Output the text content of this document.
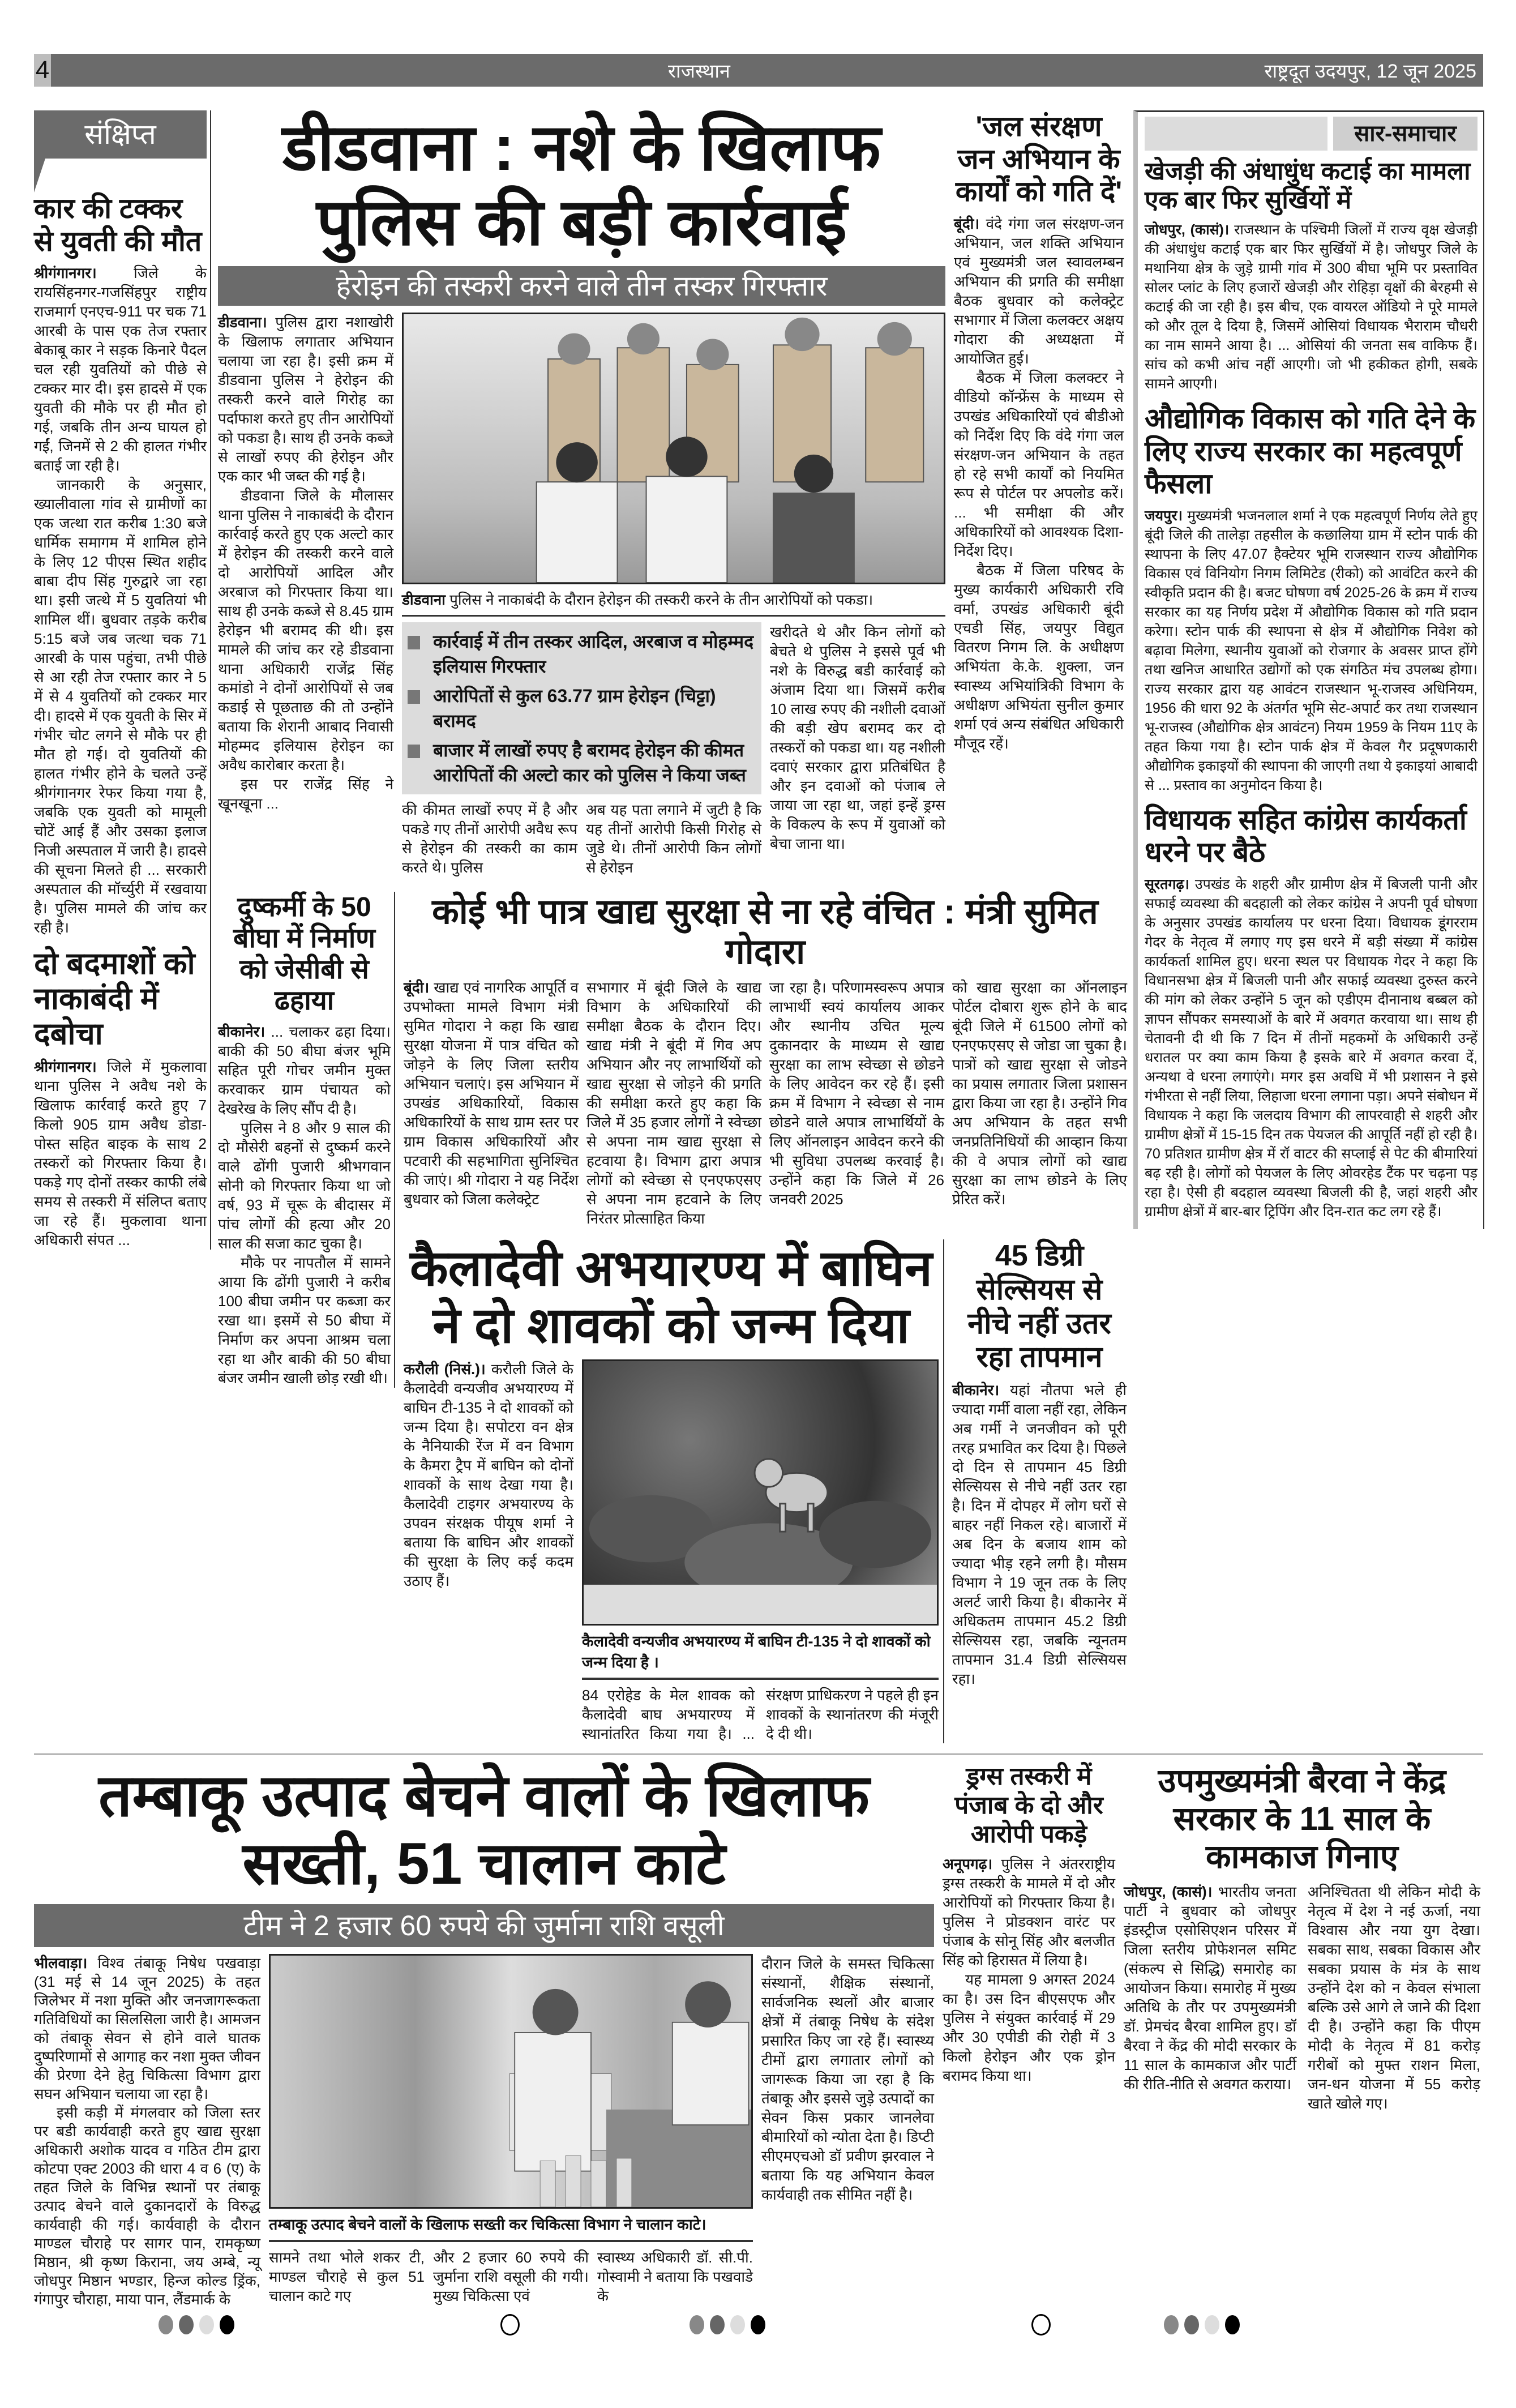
4	राजस्थान	राष्ट्रदूत उदयपुर, 12 जून 2025
संक्षिप्त
कार की टक्कर से युवती की मौत

श्रीगंगानगर।	जिले के रायसिंहनगर-गजसिंहपुर राष्ट्रीय राजमार्ग एनएच-911 पर चक 71 आरबी के पास एक तेज रफ्तार बेकाबू कार ने सड़क किनारे पैदल चल रही युवतियों को पीछे से टक्कर मार दी। इस हादसे में एक युवती की मौके पर ही मौत हो गई, जबकि तीन अन्य घायल हो गईं, जिनमें से 2 की हालत गंभीर बताई जा रही है।

जानकारी के अनुसार, ख्यालीवाला गांव से ग्रामीणों का एक जत्था रात करीब 1:30 बजे धार्मिक समागम में शामिल होने के लिए 12 पीएस स्थित शहीद बाबा दीप सिंह गुरुद्वारे जा रहा था। इसी जत्थे में 5 युवतियां भी शामिल थीं। बुधवार तड़के करीब 5:15 बजे जब जत्था चक 71 आरबी के पास पहुंचा, तभी पीछे से आ रही तेज रफ्तार कार ने 5 में से 4 युवतियों को टक्कर मार दी। हादसे में एक युवती के सिर में गंभीर चोट लगने से मौके पर ही मौत हो गई। दो युवतियों की हालत गंभीर होने के चलते उन्हें श्रीगंगानगर रेफर किया गया है, जबकि एक युवती को मामूली चोटें आई हैं और उसका इलाज निजी अस्पताल में जारी है। हादसे की सूचना मिलते ही ... सरकारी अस्पताल की मॉर्च्युरी में रखवाया है। पुलिस मामले की जांच कर रही है।

दो बदमाशों को नाकाबंदी में दबोचा

श्रीगंगानगर। जिले में मुकलावा थाना पुलिस ने अवैध नशे के खिलाफ कार्रवाई करते हुए 7 किलो 905 ग्राम अवैध डोडा-पोस्त सहित बाइक के साथ 2 तस्करों को गिरफ्तार किया है। पकड़े गए दोनों तस्कर काफी लंबे समय से तस्करी में संलिप्त बताए जा रहे हैं। मुकलावा थाना अधिकारी संपत ...

डीडवाना : नशे के खिलाफ पुलिस की बड़ी कार्रवाई
हेरोइन की तस्करी करने वाले तीन तस्कर गिरफ्तार

डीडवाना। पुलिस द्वारा नशाखोरी के खिलाफ लगातार अभियान चलाया जा रहा है। इसी क्रम में डीडवाना पुलिस ने हेरोइन की तस्करी करने वाले गिरोह का पर्दाफाश करते हुए तीन आरोपियों को पकडा है। साथ ही उनके कब्जे से लाखों रुपए की हेरोइन और एक कार भी जब्त की गई है।

डीडवाना जिले के मौलासर थाना पुलिस ने नाकाबंदी के दौरान कार्रवाई करते हुए एक अल्टो कार में हेरोइन की तस्करी करने वाले दो आरोपियों आदिल और अरबाज को गिरफ्तार किया था। साथ ही उनके कब्जे से 8.45 ग्राम हेरोइन भी बरामद की थी। इस मामले की जांच कर रहे डीडवाना थाना अधिकारी राजेंद्र सिंह कमांडो ने दोनों आरोपियों से जब कडाई से पूछताछ की तो उन्होंने बताया कि शेरानी आबाद निवासी मोहम्मद इलियास हेरोइन का अवैध कारोबार करता है।

इस पर राजेंद्र सिंह ने खूनखूना ...

डीडवाना पुलिस ने नाकाबंदी के दौरान हेरोइन की तस्करी करने के तीन आरोपियों को पकडा।
कार्रवाई में तीन तस्कर आदिल, अरबाज व मोहम्मद इलियास गिरफ्तार
आरोपितों से कुल 63.77 ग्राम हेरोइन (चिट्टा) बरामद
बाजार में लाखों रुपए है बरामद हेरोइन की कीमत आरोपितों की अल्टो कार को पुलिस ने किया जब्त
की कीमत लाखों रुपए में है और पकडे गए तीनों आरोपी अवैध रूप से हेरोइन की तस्करी का काम करते थे। पुलिस
अब यह पता लगाने में जुटी है कि यह तीनों आरोपी किसी गिरोह से जुडे थे। तीनों आरोपी किन लोगों से हेरोइन
खरीदते थे और किन लोगों को बेचते थे पुलिस ने इससे पूर्व भी नशे के विरुद्ध बडी कार्रवाई को अंजाम दिया था। जिसमें करीब 10 लाख रुपए की नशीली दवाओं की बड़ी खेप बरामद कर दो तस्करों को पकडा था। यह नशीली दवाएं सरकार द्वारा प्रतिबंधित है और इन दवाओं को पंजाब ले जाया जा रहा था, जहां इन्हें ड्रग्स के विकल्प के रूप में युवाओं को बेचा जाना था।
'जल संरक्षण जन अभियान के कार्यों को गति दें'

बूंदी। वंदे गंगा जल संरक्षण-जन अभियान, जल शक्ति अभियान एवं मुख्यमंत्री जल स्वावलम्बन अभियान की प्रगति की समीक्षा बैठक बुधवार को कलेक्ट्रेट सभागार में जिला कलक्टर अक्षय गोदारा की अध्यक्षता में आयोजित हुई।

बैठक में जिला कलक्टर ने वीडियो कॉन्फ्रेंस के माध्यम से उपखंड अधिकारियों एवं बीडीओ को निर्देश दिए कि वंदे गंगा जल संरक्षण-जन अभियान के तहत हो रहे सभी कार्यों को नियमित रूप से पोर्टल पर अपलोड करें। ... भी समीक्षा की और अधिकारियों को आवश्यक दिशा-निर्देश दिए।

बैठक में जिला परिषद के मुख्य कार्यकारी अधिकारी रवि वर्मा, उपखंड अधिकारी बूंदी एचडी सिंह, जयपुर विद्युत वितरण निगम लि. के अधीक्षण अभियंता के.के. शुक्ला, जन स्वास्थ्य अभियांत्रिकी विभाग के अधीक्षण अभियंता सुनील कुमार शर्मा एवं अन्य संबंधित अधिकारी मौजूद रहें।

दुष्कर्मी के 50 बीघा में निर्माण को जेसीबी से ढहाया

बीकानेर। ... चलाकर ढहा दिया। बाकी की 50 बीघा बंजर भूमि सहित पूरी गोचर जमीन मुक्त करवाकर ग्राम पंचायत को देखरेख के लिए सौंप दी है।

पुलिस ने 8 और 9 साल की दो मौसेरी बहनों से दुष्कर्म करने वाले ढोंगी पुजारी श्रीभगवान सोनी को गिरफ्तार किया था जो वर्ष, 93 में चूरू के बीदासर में पांच लोगों की हत्या और 20 साल की सजा काट चुका है।

मौके पर नापतौल में सामने आया कि ढोंगी पुजारी ने करीब 100 बीघा जमीन पर कब्जा कर रखा था। इसमें से 50 बीघा में निर्माण कर अपना आश्रम चला रहा था और बाकी की 50 बीघा बंजर जमीन खाली छोड़ रखी थी।

कोई भी पात्र खाद्य सुरक्षा से ना रहे वंचित : मंत्री सुमित गोदारा

बूंदी। खाद्य एवं नागरिक आपूर्ति व उपभोक्ता मामले विभाग मंत्री सुमित गोदारा ने कहा कि खाद्य सुरक्षा योजना में पात्र वंचित को जोड़ने के लिए जिला स्तरीय अभियान चलाएं। इस अभियान में उपखंड अधिकारियों, विकास अधिकारियों के साथ ग्राम स्तर पर ग्राम विकास अधिकारियों और पटवारी की सहभागिता सुनिश्चित की जाएं। श्री गोदारा ने यह निर्देश बुधवार को जिला कलेक्ट्रेट

सभागार में बूंदी जिले के खाद्य विभाग के अधिकारियों की समीक्षा बैठक के दौरान दिए। खाद्य मंत्री ने बूंदी में गिव अप अभियान और नए लाभार्थियों को खाद्य सुरक्षा से जोड़ने की प्रगति की समीक्षा करते हुए कहा कि जिले में 35 हजार लोगों ने स्वेच्छा से अपना नाम खाद्य सुरक्षा से हटवाया है। विभाग द्वारा अपात्र लोगों को स्वेच्छा से एनएफएसए से अपना नाम हटवाने के लिए निरंतर प्रोत्साहित किया
जा रहा है। परिणामस्वरूप अपात्र लाभार्थी स्वयं कार्यालय आकर और स्थानीय उचित मूल्य दुकानदार के माध्यम से खाद्य सुरक्षा का लाभ स्वेच्छा से छोडने के लिए आवेदन कर रहे हैं। इसी क्रम में विभाग ने स्वेच्छा से नाम छोडने वाले अपात्र लाभार्थियों के लिए ऑनलाइन आवेदन करने की भी सुविधा उपलब्ध करवाई है। उन्होंने कहा कि जिले में 26 जनवरी 2025
को खाद्य सुरक्षा का ऑनलाइन पोर्टल दोबारा शुरू होने के बाद बूंदी जिले में 61500 लोगों को एनएफएसए से जोडा जा चुका है। पात्रों को खाद्य सुरक्षा से जोडने का प्रयास लगातार जिला प्रशासन द्वारा किया जा रहा है। उन्होंने गिव अप अभियान के तहत सभी जनप्रतिनिधियों की आव्हान किया की वे अपात्र लोगों को खाद्य सुरक्षा का लाभ छोडने के लिए प्रेरित करें।
कैलादेवी अभयारण्य में बाघिन ने दो शावकों को जन्म दिया

करौली (निसं.)। करौली जिले के कैलादेवी वन्यजीव अभयारण्य में बाघिन टी-135 ने दो शावकों को जन्म दिया है। सपोटरा वन क्षेत्र के नैनियाकी रेंज में वन विभाग के कैमरा ट्रैप में बाघिन को दोनों शावकों के साथ देखा गया है। कैलादेवी टाइगर अभयारण्य के उपवन संरक्षक पीयूष शर्मा ने बताया कि बाघिन और शावकों की सुरक्षा के लिए कई कदम उठाए हैं।

कैलादेवी वन्यजीव अभयारण्य में बाघिन टी-135 ने दो शावकों को जन्म दिया है ।
84 एरोहेड के मेल शावक को कैलादेवी बाघ अभयारण्य में स्थानांतरित किया गया है। ... संरक्षण प्राधिकरण ने पहले ही इन शावकों के स्थानांतरण की मंजूरी दे दी थी।
45 डिग्री सेल्सियस से नीचे नहीं उतर रहा तापमान

बीकानेर। यहां नौतपा भले ही ज्यादा गर्मी वाला नहीं रहा, लेकिन अब गर्मी ने जनजीवन को पूरी तरह प्रभावित कर दिया है। पिछले दो दिन से तापमान 45 डिग्री सेल्सियस से नीचे नहीं उतर रहा है। दिन में दोपहर में लोग घरों से बाहर नहीं निकल रहे। बाजारों में अब दिन के बजाय शाम को ज्यादा भीड़ रहने लगी है। मौसम विभाग ने 19 जून तक के लिए अलर्ट जारी किया है। बीकानेर में अधिकतम तापमान 45.2 डिग्री सेल्सियस रहा, जबकि न्यूनतम तापमान 31.4 डिग्री सेल्सियस रहा।

सार-समाचार
खेजड़ी की अंधाधुंध कटाई का मामला एक बार फिर सुर्खियों में

जोधपुर, (कासं)। राजस्थान के पश्चिमी जिलों में राज्य वृक्ष खेजड़ी की अंधाधुंध कटाई एक बार फिर सुर्खियों में है। जोधपुर जिले के मथानिया क्षेत्र के जुड़े ग्रामी गांव में 300 बीघा भूमि पर प्रस्तावित सोलर प्लांट के लिए हजारों खेजड़ी और रोहिड़ा वृक्षों की बेरहमी से कटाई की जा रही है। इस बीच, एक वायरल ऑडियो ने पूरे मामले को और तूल दे दिया है, जिसमें ओसियां विधायक भैराराम चौधरी का नाम सामने आया है। ... ओसियां की जनता सब वाकिफ हैं। सांच को कभी आंच नहीं आएगी। जो भी हकीकत होगी, सबके सामने आएगी।

औद्योगिक विकास को गति देने के लिए राज्य सरकार का महत्वपूर्ण फैसला

जयपुर। मुख्यमंत्री भजनलाल शर्मा ने एक महत्वपूर्ण निर्णय लेते हुए बूंदी जिले की तालेड़ा तहसील के कछालिया ग्राम में स्टोन पार्क की स्थापना के लिए 47.07 हैक्टेयर भूमि राजस्थान राज्य औद्योगिक विकास एवं विनियोग निगम लिमिटेड (रीको) को आवंटित करने की स्वीकृति प्रदान की है। बजट घोषणा वर्ष 2025-26 के क्रम में राज्य सरकार का यह निर्णय प्रदेश में औद्योगिक विकास को गति प्रदान करेगा। स्टोन पार्क की स्थापना से क्षेत्र में औद्योगिक निवेश को बढ़ावा मिलेगा, स्थानीय युवाओं को रोजगार के अवसर प्राप्त होंगे तथा खनिज आधारित उद्योगों को एक संगठित मंच उपलब्ध होगा। राज्य सरकार द्वारा यह आवंटन राजस्थान भू-राजस्व अधिनियम, 1956 की धारा 92 के अंतर्गत भूमि सेट-अपार्ट कर तथा राजस्थान भू-राजस्व (औद्योगिक क्षेत्र आवंटन) नियम 1959 के नियम 11ए के तहत किया गया है। स्टोन पार्क क्षेत्र में केवल गैर प्रदूषणकारी औद्योगिक इकाइयों की स्थापना की जाएगी तथा ये इकाइयां आबादी से ... प्रस्ताव का अनुमोदन किया है।

विधायक सहित कांग्रेस कार्यकर्ता धरने पर बैठे

सूरतगढ़। उपखंड के शहरी और ग्रामीण क्षेत्र में बिजली पानी और सफाई व्यवस्था की बदहाली को लेकर कांग्रेस ने अपनी पूर्व घोषणा के अनुसार उपखंड कार्यालय पर धरना दिया। विधायक डूंगरराम गेदर के नेतृत्व में लगाए गए इस धरने में बड़ी संख्या में कांग्रेस कार्यकर्ता शामिल हुए। धरना स्थल पर विधायक गेदर ने कहा कि विधानसभा क्षेत्र में बिजली पानी और सफाई व्यवस्था दुरुस्त करने की मांग को लेकर उन्होंने 5 जून को एडीएम दीनानाथ बब्बल को ज्ञापन सौंपकर समस्याओं के बारे में अवगत करवाया था। साथ ही चेतावनी दी थी कि 7 दिन में तीनों महकमों के अधिकारी उन्हें धरातल पर क्या काम किया है इसके बारे में अवगत करवा दें, अन्यथा वे धरना लगाएंगे। मगर इस अवधि में भी प्रशासन ने इसे गंभीरता से नहीं लिया, लिहाजा धरना लगाना पड़ा। अपने संबोधन में विधायक ने कहा कि जलदाय विभाग की लापरवाही से शहरी और ग्रामीण क्षेत्रों में 15-15 दिन तक पेयजल की आपूर्ति नहीं हो रही है। 70 प्रतिशत ग्रामीण क्षेत्र में रॉ वाटर की सप्लाई से पेट की बीमारियां बढ़ रही है। लोगों को पेयजल के लिए ओवरहेड टैंक पर चढ़ना पड़ रहा है। ऐसी ही बदहाल व्यवस्था बिजली की है, जहां शहरी और ग्रामीण क्षेत्रों में बार-बार ट्रिपिंग और दिन-रात कट लग रहे हैं।

तम्बाकू उत्पाद बेचने वालों के खिलाफ सख्ती, 51 चालान काटे
टीम ने 2 हजार 60 रुपये की जुर्माना राशि वसूली

भीलवाड़ा। विश्व तंबाकू निषेध पखवाड़ा (31 मई से 14 जून 2025) के तहत जिलेभर में नशा मुक्ति और जनजागरूकता गतिविधियों का सिलसिला जारी है। आमजन को तंबाकू सेवन से होने वाले घातक दुष्परिणामों से आगाह कर नशा मुक्त जीवन की प्रेरणा देने हेतु चिकित्सा विभाग द्वारा सघन अभियान चलाया जा रहा है।

इसी कड़ी में मंगलवार को जिला स्तर पर बडी कार्यवाही करते हुए खाद्य सुरक्षा अधिकारी अशोक यादव व गठित टीम द्वारा कोटपा एक्ट 2003 की धारा 4 व 6 (ए) के तहत जिले के विभिन्न स्थानों पर तंबाकू उत्पाद बेचने वाले दुकानदारों के विरुद्ध कार्यवाही की गई। कार्यवाही के दौरान माण्डल चौराहे पर सागर पान, रामकृष्ण मिष्ठान, श्री कृष्ण किराना, जय अम्बे, न्यू जोधपुर मिष्ठान भण्डार, हिन्ज कोल्ड ड्रिंक, गंगापुर चौराहा, माया पान, लैंडमार्क के

तम्बाकू उत्पाद बेचने वालों के खिलाफ सख्ती कर चिकित्सा विभाग ने चालान काटे।
सामने तथा भोले शकर टी, माण्डल चौराहे से कुल 51 चालान काटे गए
और 2 हजार 60 रुपये की जुर्माना राशि वसूली की गयी। मुख्य चिकित्सा एवं
स्वास्थ्य अधिकारी डॉ. सी.पी. गोस्वामी ने बताया कि पखवाडे के
दौरान जिले के समस्त चिकित्सा संस्थानों, शैक्षिक संस्थानों, सार्वजनिक स्थलों और बाजार क्षेत्रों में तंबाकू निषेध के संदेश प्रसारित किए जा रहे हैं। स्वास्थ्य टीमों द्वारा लगातार लोगों को जागरूक किया जा रहा है कि तंबाकू और इससे जुड़े उत्पादों का सेवन किस प्रकार जानलेवा बीमारियों को न्योता देता है। डिप्टी सीएमएचओ डॉ प्रवीण झरवाल ने बताया कि यह अभियान केवल कार्यवाही तक सीमित नहीं है।
ड्रग्स तस्करी में पंजाब के दो और आरोपी पकड़े

अनूपगढ़। पुलिस ने अंतरराष्ट्रीय ड्रग्स तस्करी के मामले में दो और आरोपियों को गिरफ्तार किया है। पुलिस ने प्रोडक्शन वारंट पर पंजाब के सोनू सिंह और बलजीत सिंह को हिरासत में लिया है।

यह मामला 9 अगस्त 2024 का है। उस दिन बीएसएफ और पुलिस ने संयुक्त कार्रवाई में 29 और 30 एपीडी की रोही में 3 किलो हेरोइन और एक ड्रोन बरामद किया था।

उपमुख्यमंत्री बैरवा ने केंद्र सरकार के 11 साल के कामकाज गिनाए

जोधपुर, (कासं)। भारतीय जनता पार्टी ने बुधवार को जोधपुर इंडस्ट्रीज एसोसिएशन परिसर में जिला स्तरीय प्रोफेशनल समिट (संकल्प से सिद्धि) समारोह का आयोजन किया। समारोह में मुख्य अतिथि के तौर पर उपमुख्यमंत्री डॉ. प्रेमचंद बैरवा शामिल हुए। डॉ बैरवा ने केंद्र की मोदी सरकार के 11 साल के कामकाज और पार्टी की रीति-नीति से अवगत कराया।

अनिश्चितता थी लेकिन मोदी के नेतृत्व में देश ने नई ऊर्जा, नया विश्वास और नया युग देखा। सबका साथ, सबका विकास और सबका प्रयास के मंत्र के साथ उन्होंने देश को न केवल संभाला बल्कि उसे आगे ले जाने की दिशा दी है। उन्होंने कहा कि पीएम मोदी के नेतृत्व में 81 करोड़ गरीबों को मुफ्त राशन मिला, जन-धन योजना में 55 करोड़ खाते खोले गए।
